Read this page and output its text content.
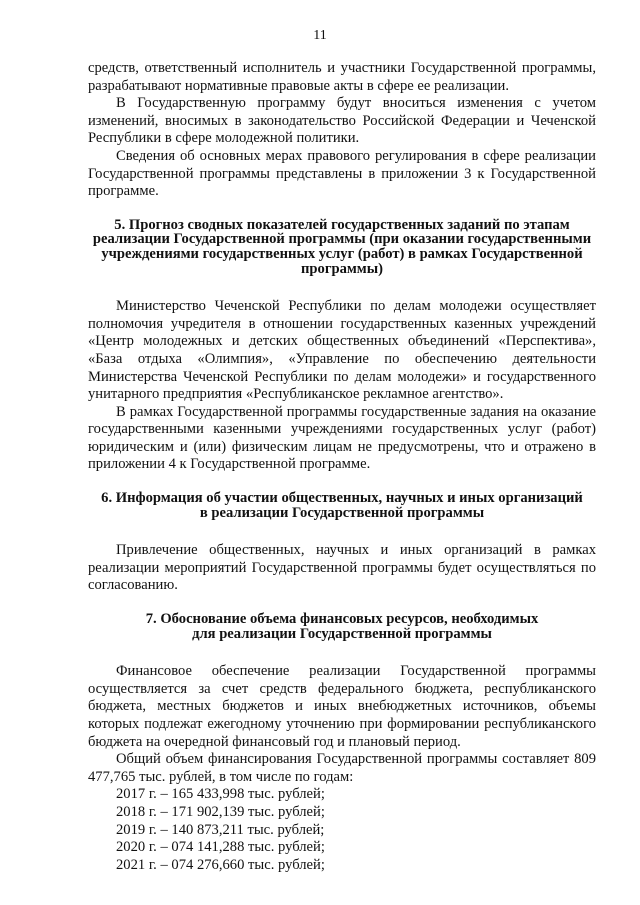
11

средств, ответственный исполнитель и участники Государственной программы, разрабатывают нормативные правовые акты в сфере ее реализации.

В Государственную программу будут вноситься изменения с учетом изменений, вносимых в законодательство Российской Федерации и Чеченской Республики в сфере молодежной политики.

Сведения об основных мерах правового регулирования в сфере реализации Государственной программы представлены в приложении 3 к Государственной программе.

5. Прогноз сводных показателей государственных заданий по этапам
реализации Государственной программы (при оказании государственными
учреждениями государственных услуг (работ) в рамках Государственной
программы)

Министерство Чеченской Республики по делам молодежи осуществляет полномочия учредителя в отношении государственных казенных учреждений «Центр молодежных и детских общественных объединений «Перспектива», «База отдыха «Олимпия», «Управление по обеспечению деятельности Министерства Чеченской Республики по делам молодежи» и государственного унитарного предприятия «Республиканское рекламное агентство».

В рамках Государственной программы государственные задания на оказание государственными казенными учреждениями государственных услуг (работ) юридическим и (или) физическим лицам не предусмотрены, что и отражено в приложении 4 к Государственной программе.

6. Информация об участии общественных, научных и иных организаций
в реализации Государственной программы

Привлечение общественных, научных и иных организаций в рамках реализации мероприятий Государственной программы будет осуществляться по согласованию.

7. Обоснование объема финансовых ресурсов, необходимых
для реализации Государственной программы

Финансовое обеспечение реализации Государственной программы осуществляется за счет средств федерального бюджета, республиканского бюджета, местных бюджетов и иных внебюджетных источников, объемы которых подлежат ежегодному уточнению при формировании республиканского бюджета на очередной финансовый год и плановый период.

Общий объем финансирования Государственной программы составляет 809 477,765 тыс. рублей, в том числе по годам:

2017 г. – 165 433,998 тыс. рублей;
2018 г. – 171 902,139 тыс. рублей;
2019 г. – 140 873,211 тыс. рублей;
2020 г. – 074 141,288 тыс. рублей;
2021 г. – 074 276,660 тыс. рублей;
